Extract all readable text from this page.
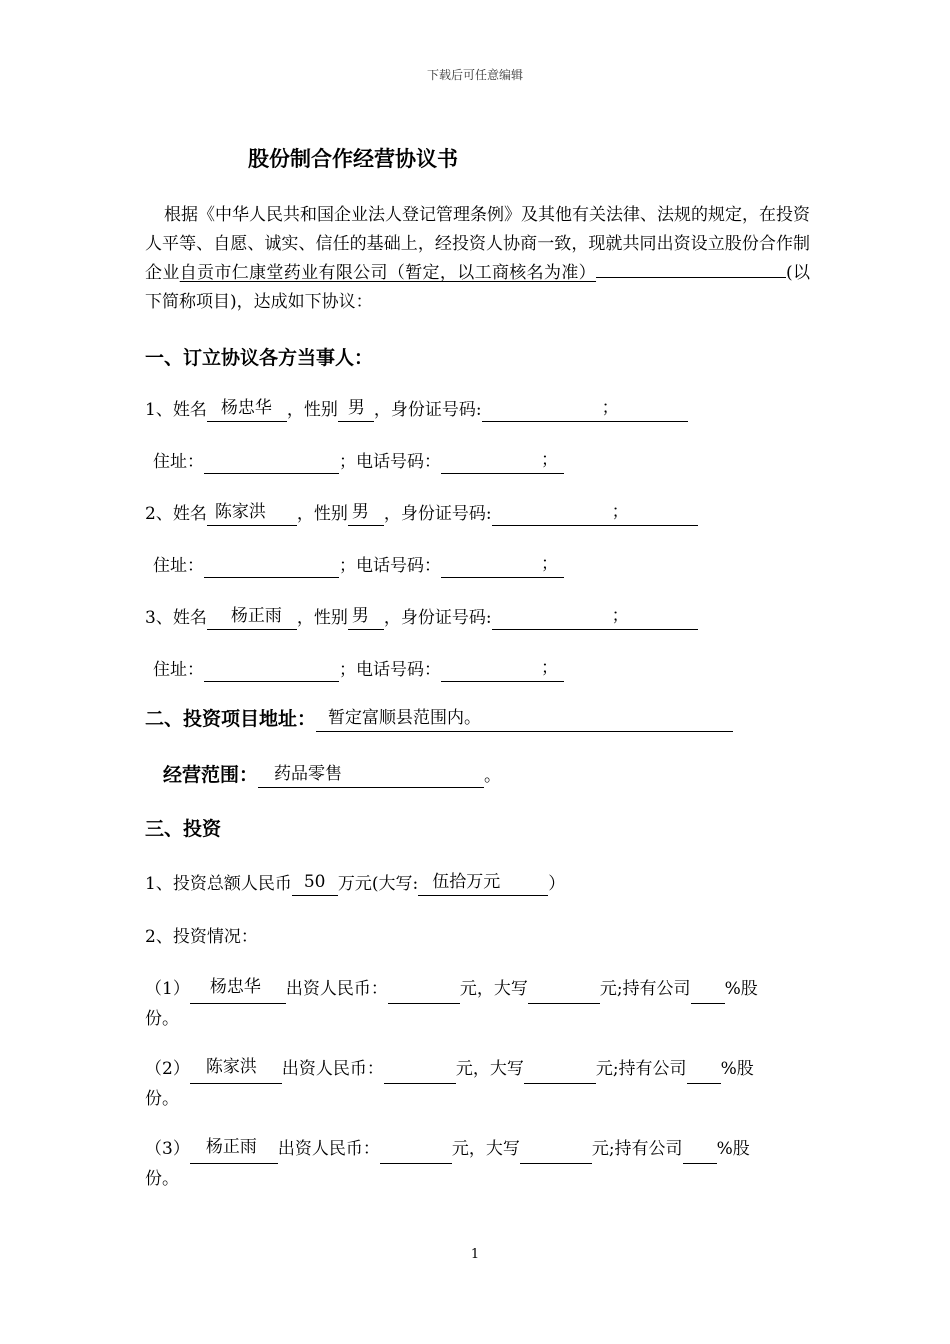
下载后可任意编辑
股份制合作经营协议书
根据《中华人民共和国企业法人登记管理条例》及其他有关法律、法规的规定，在投资人平等、自愿、诚实、信任的基础上，经投资人协商一致，现就共同出资设立股份合作制企业自贡市仁康堂药业有限公司（暂定，以工商核名为准）	(以下简称项目)，达成如下协议：
一、订立协议各方当事人：
1、姓名 杨忠华 ，性别 男 ，身份证号码:	；
住址：	；电话号码：	；
2、姓名 陈家洪 ，性别 男 ，身份证号码:	；
住址：	；电话号码：	；
3、姓名 杨正雨 ，性别 男 ，身份证号码:	；
住址：	；电话号码：	；
二、投资项目地址： 暂定富顺县范围内。
经营范围： 药品零售	。
三、投资
1、投资总额人民币 50 万元(大写: 伍拾万元	）
2、投资情况：
（1） 杨忠华 出资人民币：	元，大写	元;持有公司 %股
份。
（2） 陈家洪 出资人民币：	元，大写	元;持有公司 %股
份。
（3） 杨正雨 出资人民币：	元，大写	元;持有公司 %股
份。
1
